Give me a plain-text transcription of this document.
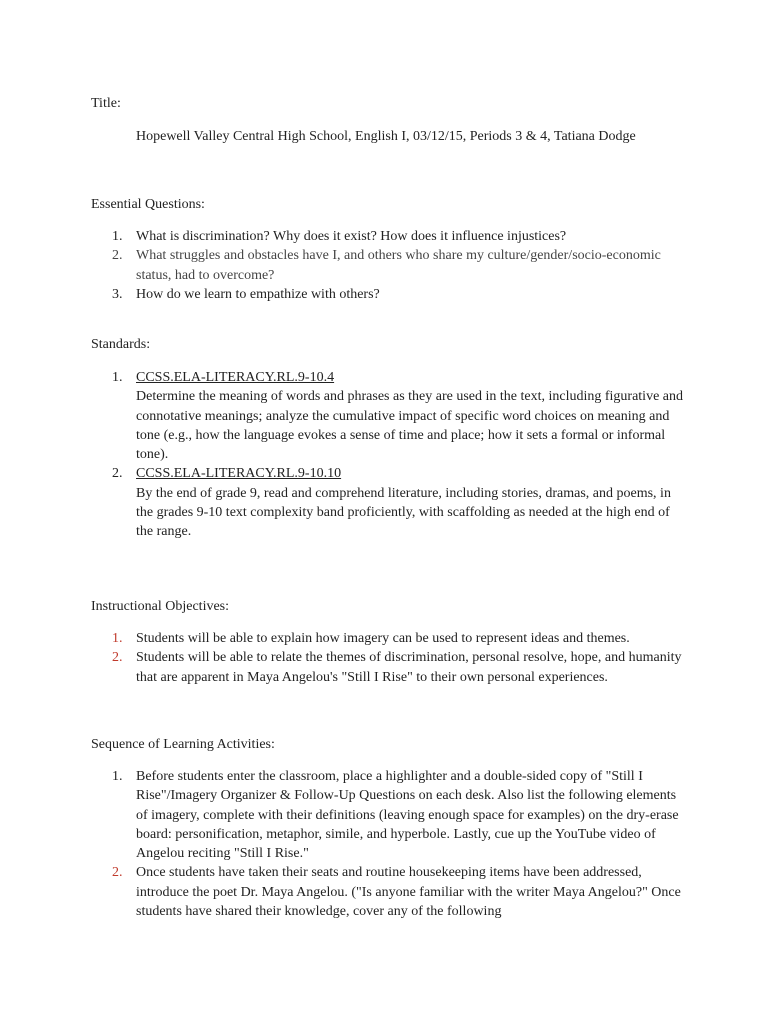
Title:

Hopewell Valley Central High School, English I, 03/12/15, Periods 3 & 4, Tatiana Dodge

Essential Questions:

1. What is discrimination? Why does it exist? How does it influence injustices?
2. What struggles and obstacles have I, and others who share my culture/gender/socio-economic status, had to overcome?
3. How do we learn to empathize with others?

Standards:

1. CCSS.ELA-LITERACY.RL.9-10.4
Determine the meaning of words and phrases as they are used in the text, including figurative and connotative meanings; analyze the cumulative impact of specific word choices on meaning and tone (e.g., how the language evokes a sense of time and place; how it sets a formal or informal tone).
2. CCSS.ELA-LITERACY.RL.9-10.10
By the end of grade 9, read and comprehend literature, including stories, dramas, and poems, in the grades 9-10 text complexity band proficiently, with scaffolding as needed at the high end of the range.

Instructional Objectives:

1. Students will be able to explain how imagery can be used to represent ideas and themes.
2. Students will be able to relate the themes of discrimination, personal resolve, hope, and humanity that are apparent in Maya Angelou's "Still I Rise" to their own personal experiences.

Sequence of Learning Activities:

1. Before students enter the classroom, place a highlighter and a double-sided copy of "Still I Rise"/Imagery Organizer & Follow-Up Questions on each desk. Also list the following elements of imagery, complete with their definitions (leaving enough space for examples) on the dry-erase board: personification, metaphor, simile, and hyperbole. Lastly, cue up the YouTube video of Angelou reciting "Still I Rise."
2. Once students have taken their seats and routine housekeeping items have been addressed, introduce the poet Dr. Maya Angelou. ("Is anyone familiar with the writer Maya Angelou?" Once students have shared their knowledge, cover any of the following
